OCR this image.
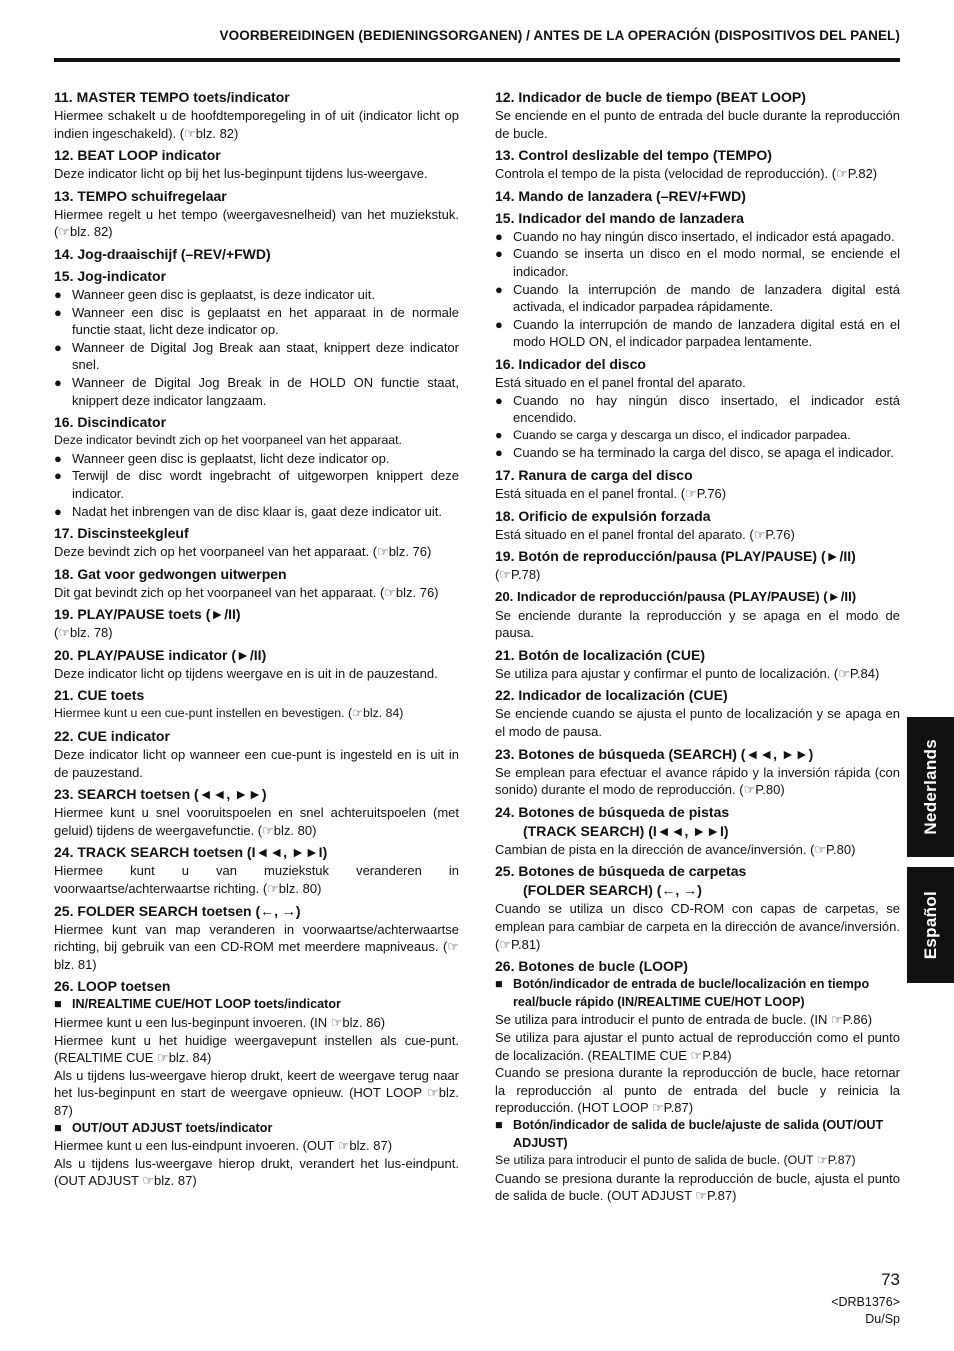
VOORBEREIDINGEN (BEDIENINGSORGANEN) / ANTES DE LA OPERACIÓN (DISPOSITIVOS DEL PANEL)
11. MASTER TEMPO toets/indicator
Hiermee schakelt u de hoofdtemporegeling in of uit (indicator licht op indien ingeschakeld). (☞blz. 82)
12. BEAT LOOP indicator
Deze indicator licht op bij het lus-beginpunt tijdens lus-weergave.
13. TEMPO schuifregelaar
Hiermee regelt u het tempo (weergavesnelheid) van het muziekstuk. (☞blz. 82)
14. Jog-draaischijf (–REV/+FWD)
15. Jog-indicator
● Wanneer geen disc is geplaatst, is deze indicator uit.
● Wanneer een disc is geplaatst en het apparaat in de normale functie staat, licht deze indicator op.
● Wanneer de Digital Jog Break aan staat, knippert deze indicator snel.
● Wanneer de Digital Jog Break in de HOLD ON functie staat, knippert deze indicator langzaam.
16. Discindicator
Deze indicator bevindt zich op het voorpaneel van het apparaat.
● Wanneer geen disc is geplaatst, licht deze indicator op.
● Terwijl de disc wordt ingebracht of uitgeworpen knippert deze indicator.
● Nadat het inbrengen van de disc klaar is, gaat deze indicator uit.
17. Discinsteekgleuf
Deze bevindt zich op het voorpaneel van het apparaat. (☞blz. 76)
18. Gat voor gedwongen uitwerpen
Dit gat bevindt zich op het voorpaneel van het apparaat. (☞blz. 76)
19. PLAY/PAUSE toets (►/II)
(☞blz. 78)
20. PLAY/PAUSE indicator (►/II)
Deze indicator licht op tijdens weergave en is uit in de pauzestand.
21. CUE toets
Hiermee kunt u een cue-punt instellen en bevestigen. (☞blz. 84)
22. CUE indicator
Deze indicator licht op wanneer een cue-punt is ingesteld en is uit in de pauzestand.
23. SEARCH toetsen (◄◄, ►►)
Hiermee kunt u snel vooruitspoelen en snel achteruitspoelen (met geluid) tijdens de weergavefunctie. (☞blz. 80)
24. TRACK SEARCH toetsen (I◄◄, ►►I)
Hiermee kunt u van muziekstuk veranderen in voorwaartse/achterwaartse richting. (☞blz. 80)
25. FOLDER SEARCH toetsen (←, →)
Hiermee kunt van map veranderen in voorwaartse/achterwaartse richting, bij gebruik van een CD-ROM met meerdere mapniveaus. (☞blz. 81)
26. LOOP toetsen
■ IN/REALTIME CUE/HOT LOOP toets/indicator
Hiermee kunt u een lus-beginpunt invoeren. (IN ☞blz. 86)
Hiermee kunt u het huidige weergavepunt instellen als cue-punt. (REALTIME CUE ☞blz. 84)
Als u tijdens lus-weergave hierop drukt, keert de weergave terug naar het lus-beginpunt en start de weergave opnieuw. (HOT LOOP ☞blz. 87)
■ OUT/OUT ADJUST toets/indicator
Hiermee kunt u een lus-eindpunt invoeren. (OUT ☞blz. 87)
Als u tijdens lus-weergave hierop drukt, verandert het lus-eindpunt. (OUT ADJUST ☞blz. 87)
12. Indicador de bucle de tiempo (BEAT LOOP)
Se enciende en el punto de entrada del bucle durante la reproducción de bucle.
13. Control deslizable del tempo (TEMPO)
Controla el tempo de la pista (velocidad de reproducción). (☞P.82)
14. Mando de lanzadera (–REV/+FWD)
15. Indicador del mando de lanzadera
● Cuando no hay ningún disco insertado, el indicador está apagado.
● Cuando se inserta un disco en el modo normal, se enciende el indicador.
● Cuando la interrupción de mando de lanzadera digital está activada, el indicador parpadea rápidamente.
● Cuando la interrupción de mando de lanzadera digital está en el modo HOLD ON, el indicador parpadea lentamente.
16. Indicador del disco
Está situado en el panel frontal del aparato.
● Cuando no hay ningún disco insertado, el indicador está encendido.
● Cuando se carga y descarga un disco, el indicador parpadea.
● Cuando se ha terminado la carga del disco, se apaga el indicador.
17. Ranura de carga del disco
Está situada en el panel frontal. (☞P.76)
18. Orificio de expulsión forzada
Está situado en el panel frontal del aparato. (☞P.76)
19. Botón de reproducción/pausa (PLAY/PAUSE) (►/II)
(☞P.78)
20. Indicador de reproducción/pausa (PLAY/PAUSE) (►/II)
Se enciende durante la reproducción y se apaga en el modo de pausa.
21. Botón de localización (CUE)
Se utiliza para ajustar y confirmar el punto de localización. (☞P.84)
22. Indicador de localización (CUE)
Se enciende cuando se ajusta el punto de localización y se apaga en el modo de pausa.
23. Botones de búsqueda (SEARCH) (◄◄, ►►)
Se emplean para efectuar el avance rápido y la inversión rápida (con sonido) durante el modo de reproducción. (☞P.80)
24. Botones de búsqueda de pistas
(TRACK SEARCH) (I◄◄, ►►I)
Cambian de pista en la dirección de avance/inversión. (☞P.80)
25. Botones de búsqueda de carpetas
(FOLDER SEARCH) (←, →)
Cuando se utiliza un disco CD-ROM con capas de carpetas, se emplean para cambiar de carpeta en la dirección de avance/inversión. (☞P.81)
26. Botones de bucle (LOOP)
■ Botón/indicador de entrada de bucle/localización en tiempo real/bucle rápido (IN/REALTIME CUE/HOT LOOP)
Se utiliza para introducir el punto de entrada de bucle. (IN ☞P.86)
Se utiliza para ajustar el punto actual de reproducción como el punto de localización. (REALTIME CUE ☞P.84)
Cuando se presiona durante la reproducción de bucle, hace retornar la reproducción al punto de entrada del bucle y reinicia la reproducción. (HOT LOOP ☞P.87)
■ Botón/indicador de salida de bucle/ajuste de salida (OUT/OUT ADJUST)
Se utiliza para introducir el punto de salida de bucle. (OUT ☞P.87)
Cuando se presiona durante la reproducción de bucle, ajusta el punto de salida de bucle. (OUT ADJUST ☞P.87)
Nederlands
Español
73
<DRB1376>
Du/Sp
